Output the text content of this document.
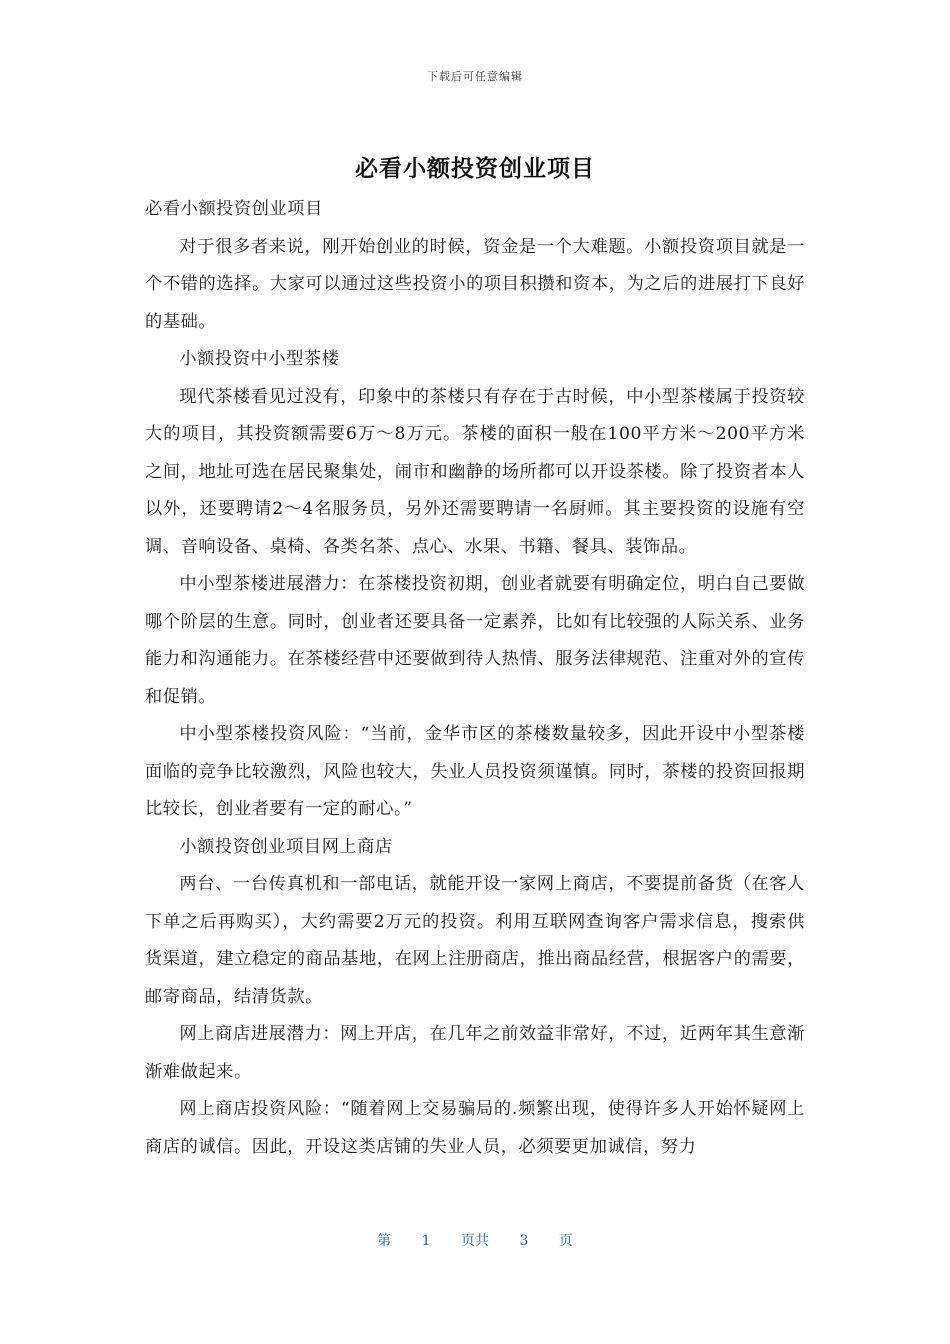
下载后可任意编辑
必看小额投资创业项目

必看小额投资创业项目

对于很多者来说，刚开始创业的时候，资金是一个大难题。小额投资项目就是一个不错的选择。大家可以通过这些投资小的项目积攒和资本，为之后的进展打下良好的基础。

小额投资中小型茶楼

现代茶楼看见过没有，印象中的茶楼只有存在于古时候，中小型茶楼属于投资较大的项目，其投资额需要6万～8万元。茶楼的面积一般在100平方米～200平方米之间，地址可选在居民聚集处，闹市和幽静的场所都可以开设茶楼。除了投资者本人以外，还要聘请2～4名服务员，另外还需要聘请一名厨师。其主要投资的设施有空调、音响设备、桌椅、各类名茶、点心、水果、书籍、餐具、装饰品。

中小型茶楼进展潜力：在茶楼投资初期，创业者就要有明确定位，明白自己要做哪个阶层的生意。同时，创业者还要具备一定素养，比如有比较强的人际关系、业务能力和沟通能力。在茶楼经营中还要做到待人热情、服务法律规范、注重对外的宣传和促销。

中小型茶楼投资风险：“当前，金华市区的茶楼数量较多，因此开设中小型茶楼面临的竞争比较激烈，风险也较大，失业人员投资须谨慎。同时，茶楼的投资回报期比较长，创业者要有一定的耐心。”

小额投资创业项目网上商店

两台、一台传真机和一部电话，就能开设一家网上商店，不要提前备货（在客人下单之后再购买），大约需要2万元的投资。利用互联网查询客户需求信息，搜索供货渠道，建立稳定的商品基地，在网上注册商店，推出商品经营，根据客户的需要，邮寄商品，结清货款。

网上商店进展潜力：网上开店，在几年之前效益非常好，不过，近两年其生意渐渐难做起来。

网上商店投资风险：“随着网上交易骗局的.频繁出现，使得许多人开始怀疑网上商店的诚信。因此，开设这类店铺的失业人员，必须要更加诚信，努力

第 1 页共 3 页
